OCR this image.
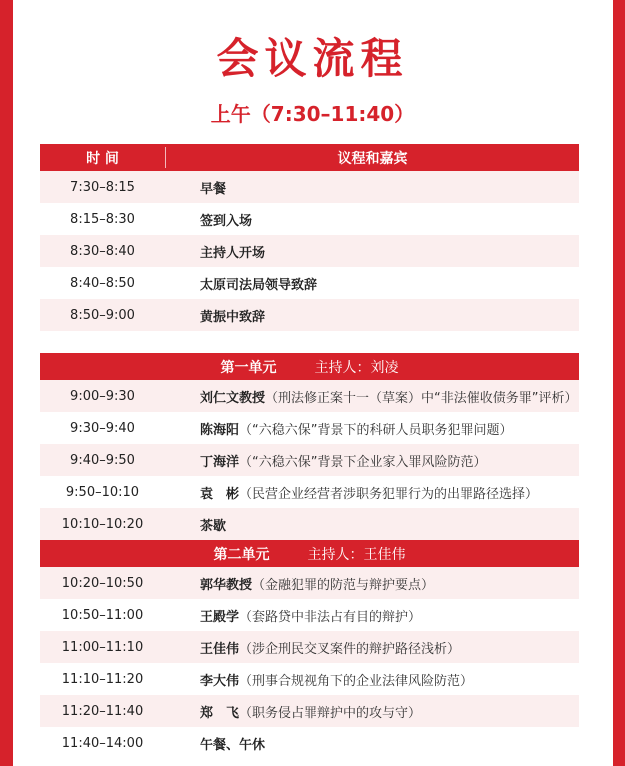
会议流程
上午（7:30–11:40）
时 间	议程和嘉宾
7:30–8:15	早餐
8:15–8:30	签到入场
8:30–8:40	主持人开场
8:40–8:50	太原司法局领导致辞
8:50–9:00	黄振中致辞
第一单元	主持人：刘凌
9:00–9:30	刘仁文教授（刑法修正案十一（草案）中“非法催收债务罪”评析）
9:30–9:40	陈海阳（“六稳六保”背景下的科研人员职务犯罪问题）
9:40–9:50	丁海洋（“六稳六保”背景下企业家入罪风险防范）
9:50–10:10	袁　彬（民营企业经营者涉职务犯罪行为的出罪路径选择）
10:10–10:20	茶歇
第二单元	主持人：王佳伟
10:20–10:50	郭华教授（金融犯罪的防范与辩护要点）
10:50–11:00	王殿学（套路贷中非法占有目的辩护）
11:00–11:10	王佳伟（涉企刑民交叉案件的辩护路径浅析）
11:10–11:20	李大伟（刑事合规视角下的企业法律风险防范）
11:20–11:40	郑　飞（职务侵占罪辩护中的攻与守）
11:40–14:00	午餐、午休
